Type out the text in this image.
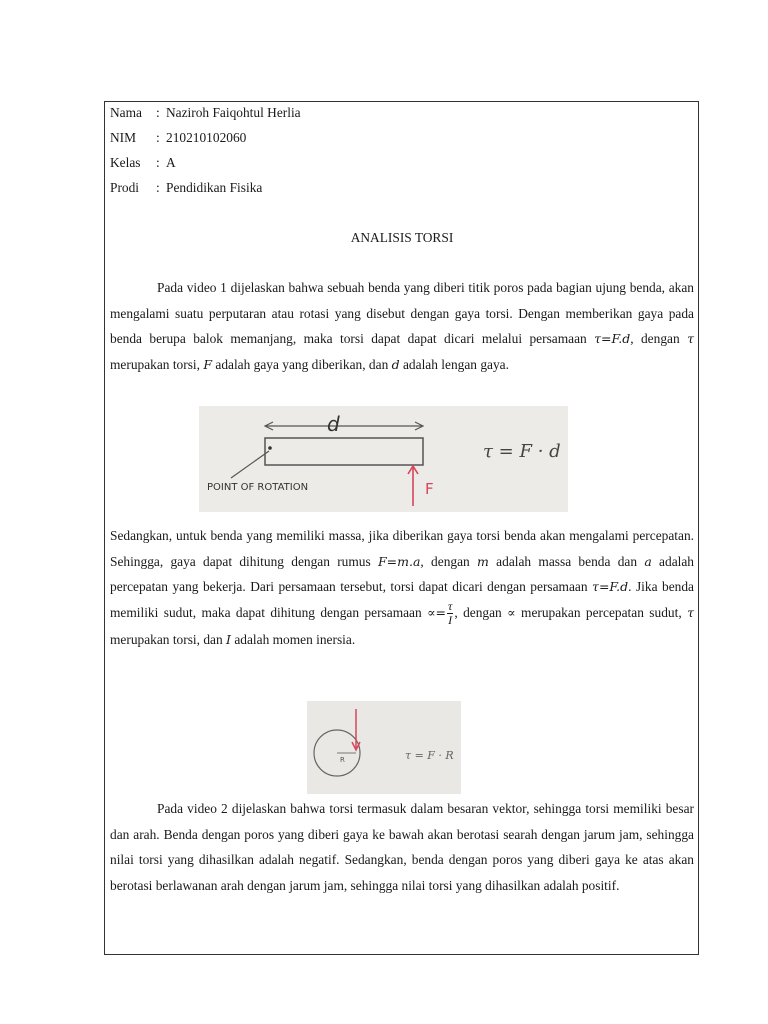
Nama : Naziroh Faiqohtul Herlia
NIM : 210210102060
Kelas : A
Prodi : Pendidikan Fisika
ANALISIS TORSI

Pada video 1 dijelaskan bahwa sebuah benda yang diberi titik poros pada bagian ujung benda, akan mengalami suatu perputaran atau rotasi yang disebut dengan gaya torsi. Dengan memberikan gaya pada benda berupa balok memanjang, maka torsi dapat dapat dicari melalui persamaan τ=F.d, dengan τ merupakan torsi, F adalah gaya yang diberikan, dan d adalah lengan gaya.

Sedangkan, untuk benda yang memiliki massa, jika diberikan gaya torsi benda akan mengalami percepatan. Sehingga, gaya dapat dihitung dengan rumus F=m.a, dengan m adalah massa benda dan a adalah percepatan yang bekerja. Dari persamaan tersebut, torsi dapat dicari dengan persamaan τ=F.d. Jika benda memiliki sudut, maka dapat dihitung dengan persamaan ∝= $\frac{\tau}{I}$ , dengan ∝ merupakan percepatan sudut, τ merupakan torsi, dan I adalah momen inersia.

Pada video 2 dijelaskan bahwa torsi termasuk dalam besaran vektor, sehingga torsi memiliki besar dan arah. Benda dengan poros yang diberi gaya ke bawah akan berotasi searah dengan jarum jam, sehingga nilai torsi yang dihasilkan adalah negatif. Sedangkan, benda dengan poros yang diberi gaya ke atas akan berotasi berlawanan arah dengan jarum jam, sehingga nilai torsi yang dihasilkan adalah positif.

d
POINT OF ROTATION	F
τ = F · d
R	τ = F · R
